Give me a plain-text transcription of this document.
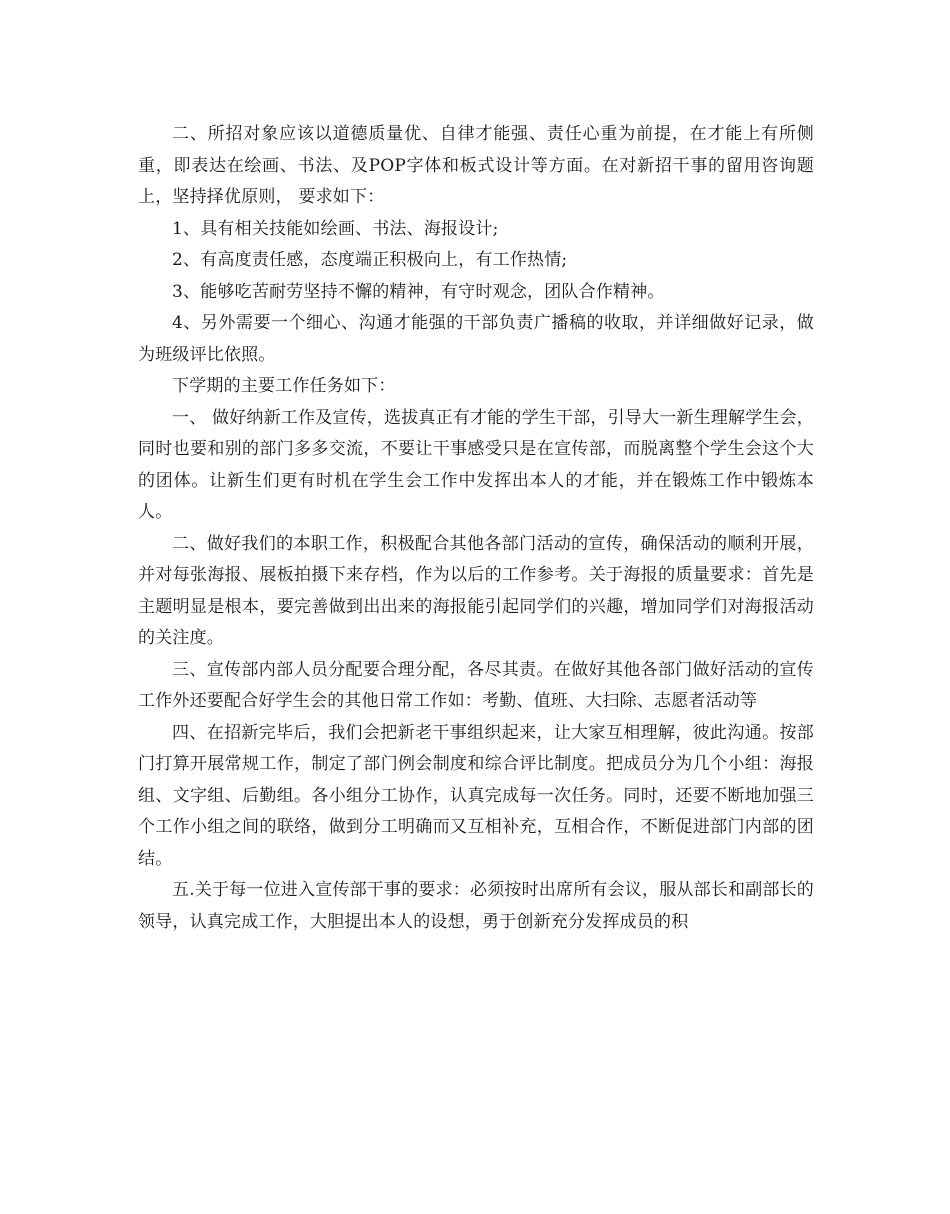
二、所招对象应该以道德质量优、自律才能强、责任心重为前提，在才能上有所侧重，即表达在绘画、书法、及POP字体和板式设计等方面。在对新招干事的留用咨询题上，坚持择优原则， 要求如下：

1、具有相关技能如绘画、书法、海报设计;

2、有高度责任感，态度端正积极向上，有工作热情;

3、能够吃苦耐劳坚持不懈的精神，有守时观念，团队合作精神。

4、另外需要一个细心、沟通才能强的干部负责广播稿的收取，并详细做好记录，做为班级评比依照。

下学期的主要工作任务如下：

一、 做好纳新工作及宣传，选拔真正有才能的学生干部，引导大一新生理解学生会， 同时也要和别的部门多多交流，不要让干事感受只是在宣传部，而脱离整个学生会这个大的团体。让新生们更有时机在学生会工作中发挥出本人的才能，并在锻炼工作中锻炼本人。

二、做好我们的本职工作，积极配合其他各部门活动的宣传，确保活动的顺利开展，并对每张海报、展板拍摄下来存档，作为以后的工作参考。关于海报的质量要求：首先是主题明显是根本，要完善做到出出来的海报能引起同学们的兴趣，增加同学们对海报活动的关注度。

三、宣传部内部人员分配要合理分配，各尽其责。在做好其他各部门做好活动的宣传工作外还要配合好学生会的其他日常工作如：考勤、值班、大扫除、志愿者活动等

四、在招新完毕后，我们会把新老干事组织起来，让大家互相理解，彼此沟通。按部门打算开展常规工作，制定了部门例会制度和综合评比制度。把成员分为几个小组：海报组、文字组、后勤组。各小组分工协作，认真完成每一次任务。同时，还要不断地加强三个工作小组之间的联络，做到分工明确而又互相补充，互相合作，不断促进部门内部的团结。

五.关于每一位进入宣传部干事的要求：必须按时出席所有会议，服从部长和副部长的领导，认真完成工作，大胆提出本人的设想，勇于创新充分发挥成员的积
